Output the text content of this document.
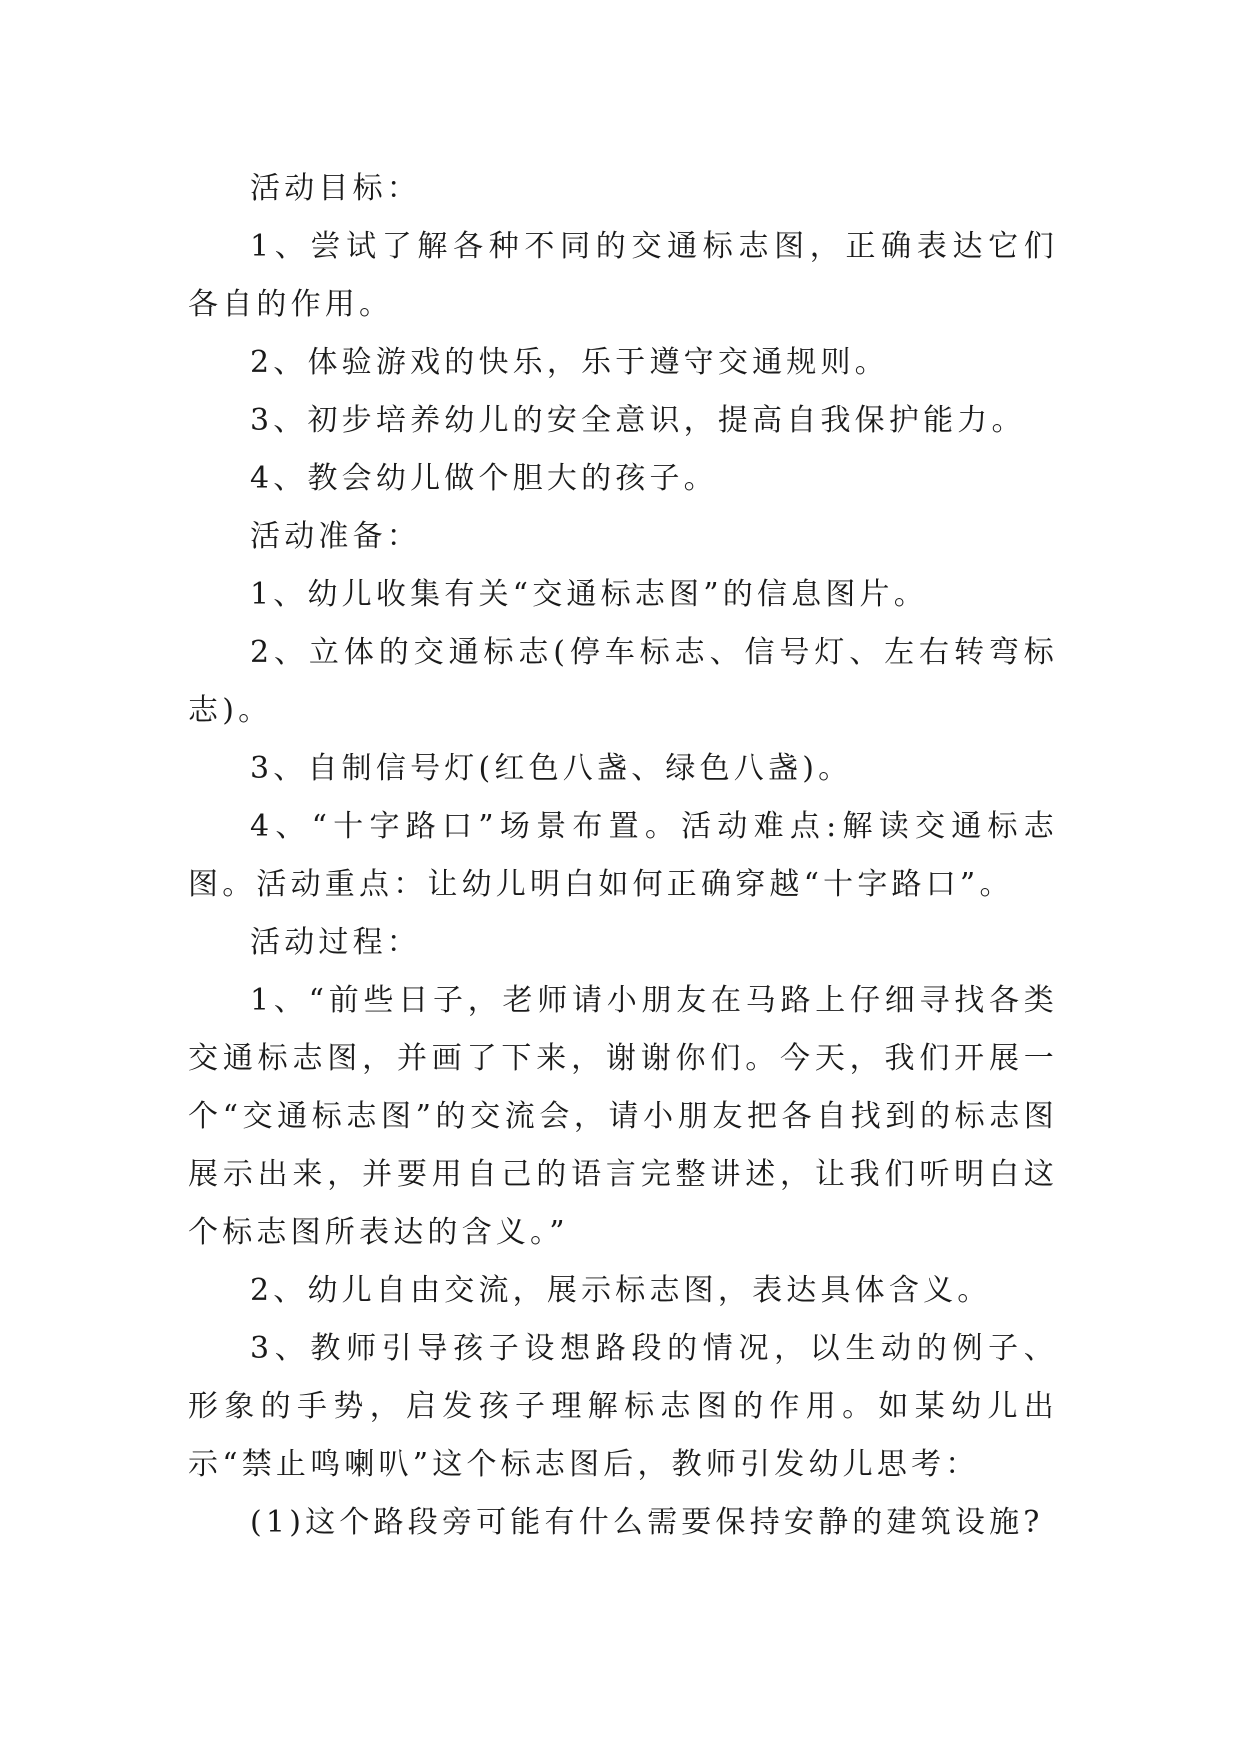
活动目标：

1、尝试了解各种不同的交通标志图，正确表达它们各自的作用。

2、体验游戏的快乐，乐于遵守交通规则。

3、初步培养幼儿的安全意识，提高自我保护能力。

4、教会幼儿做个胆大的孩子。

活动准备：

1、幼儿收集有关“交通标志图”的信息图片。

2、立体的交通标志(停车标志、信号灯、左右转弯标志)。

3、自制信号灯(红色八盏、绿色八盏)。

4、“十字路口”场景布置。活动难点:解读交通标志图。活动重点：让幼儿明白如何正确穿越“十字路口”。

活动过程：

1、“前些日子，老师请小朋友在马路上仔细寻找各类交通标志图，并画了下来，谢谢你们。今天，我们开展一个“交通标志图”的交流会，请小朋友把各自找到的标志图展示出来，并要用自己的语言完整讲述，让我们听明白这个标志图所表达的含义。”

2、幼儿自由交流，展示标志图，表达具体含义。

3、教师引导孩子设想路段的情况，以生动的例子、形象的手势，启发孩子理解标志图的作用。如某幼儿出示“禁止鸣喇叭”这个标志图后，教师引发幼儿思考：

(1)这个路段旁可能有什么需要保持安静的建筑设施?
